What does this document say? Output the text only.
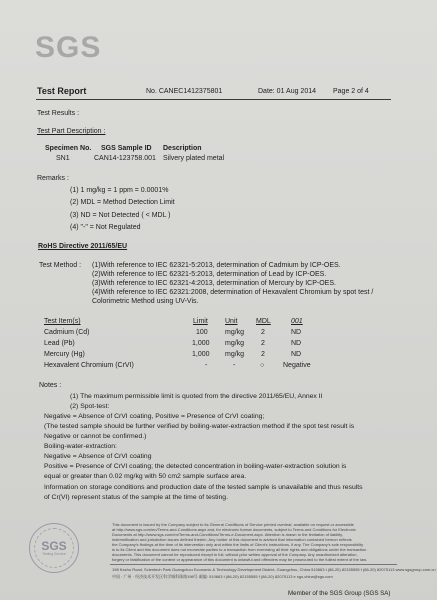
SGS
Test Report	No. CANEC1412375801	Date: 01 Aug 2014 Page 2 of 4
Test Results :
Test Part Description :
Specimen No. SGS Sample ID Description
SN1	CAN14-123758.001 Silvery plated metal
Remarks :
(1) 1 mg/kg = 1 ppm = 0.0001%
(2) MDL = Method Detection Limit
(3) ND = Not Detected ( < MDL )
(4) "-" = Not Regulated
RoHS Directive 2011/65/EU
Test Method : (1)With reference to IEC 62321-5:2013, determination of Cadmium by ICP-OES.
(2)With reference to IEC 62321-5:2013, determination of Lead by ICP-OES.
(3)With reference to IEC 62321-4:2013, determination of Mercury by ICP-OES.
(4)With reference to IEC 62321:2008, determination of Hexavalent Chromium by spot test /
Colorimetric Method using UV-Vis.
Test Item(s)	Limit Unit	MDL	001
Cadmium (Cd)	100 mg/kg 2	ND
Lead (Pb)	1,000 mg/kg 2	ND
Mercury (Hg)	1,000 mg/kg 2	ND
Hexavalent Chromium (CrVI)	-	-	○	Negative
Notes :
(1) The maximum permissible limit is quoted from the directive 2011/65/EU, Annex II
(2) Spot-test:
Negative = Absence of CrVI coating, Positive = Presence of CrVI coating;
(The tested sample should be further verified by boiling-water-extraction method if the spot test result is
Negative or cannot be confirmed.)
Boiling-water-extraction:
Negative = Absence of CrVI coating
Positive = Presence of CrVI coating; the detected concentration in boiling-water-extraction solution is
equal or greater than 0.02 mg/kg with 50 cm2 sample surface area.
Information on storage conditions and production date of the tested sample is unavailable and thus results
of Cr(VI) represent status of the sample at the time of testing.
SGS
Testing Service
This document is issued by the Company subject to its General Conditions of Service printed overleaf, available on request or accessible
at http://www.sgs.com/en/Terms-and-Conditions.aspx and, for electronic format documents, subject to Terms and Conditions for Electronic
Documents at http://www.sgs.com/en/Terms-and-Conditions/Terms-e-Document.aspx. Attention is drawn to the limitation of liability,
indemnification and jurisdiction issues defined therein. Any holder of this document is advised that information contained hereon reflects
the Company's findings at the time of its intervention only and within the limits of Client's instructions, if any. The Company's sole responsibility
is to its Client and this document does not exonerate parties to a transaction from exercising all their rights and obligations under the transaction
documents. This document cannot be reproduced except in full, without prior written approval of the Company. Any unauthorized alteration,
forgery or falsification of the content or appearance of this document is unlawful and offenders may be prosecuted to the fullest extent of the law.
198 Kezhu Road, Scientech Park Guangzhou Economic & Technology Development District, Guangzhou, China 510663 t (86-20) 82155555 f (86-20) 82075113 www.sgsgroup.com.cn
中国 · 广州 · 经济技术开发区科学城科珠路198号 邮编: 510663 t (86-20) 82155555 f (86-20) 82075113 e sgs.china@sgs.com
Member of the SGS Group (SGS SA)
